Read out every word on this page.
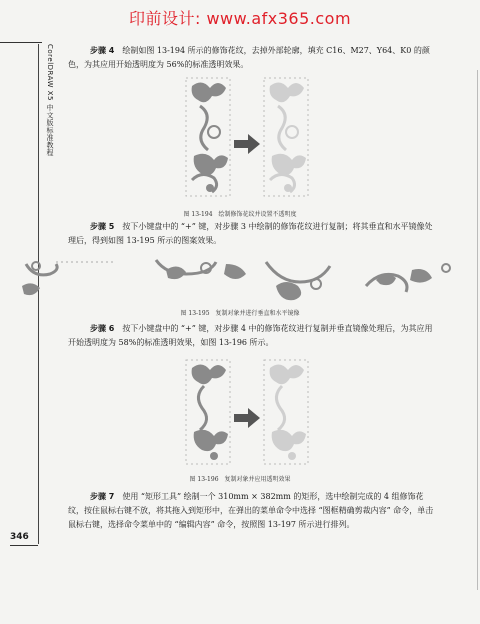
印前设计: www.afx365.com
CorelDRAW X5 中文版标准教程	步骤 4　 绘制如图 13-194 所示的修饰花纹，去掉外部轮廓，填充 C16、M27、Y64、K0 的颜色，为其应用开始透明度为 56%的标准透明效果。

图 13-194　绘制修饰花纹并设置不透明度

步骤 5　 按下小键盘中的 “+” 键，对步骤 3 中绘制的修饰花纹进行复制；将其垂直和水平镜像处理后，得到如图 13-195 所示的图案效果。

图 13-195　复制对象并进行垂直和水平镜像

步骤 6　 按下小键盘中的 “+” 键，对步骤 4 中的修饰花纹进行复制并垂直镜像处理后，为其应用开始透明度为 58%的标准透明效果，如图 13-196 所示。

图 13-196　复制对象并应用透明效果

步骤 7　 使用 “矩形工具” 绘制一个 310mm × 382mm 的矩形，选中绘制完成的 4 组修饰花纹，按住鼠标右键不放，将其拖入到矩形中，在弹出的菜单命令中选择 “图框精确剪裁内容” 命令，单击鼠标右键，选择命令菜单中的 “编辑内容” 命令，按照图 13-197 所示进行排列。

346
